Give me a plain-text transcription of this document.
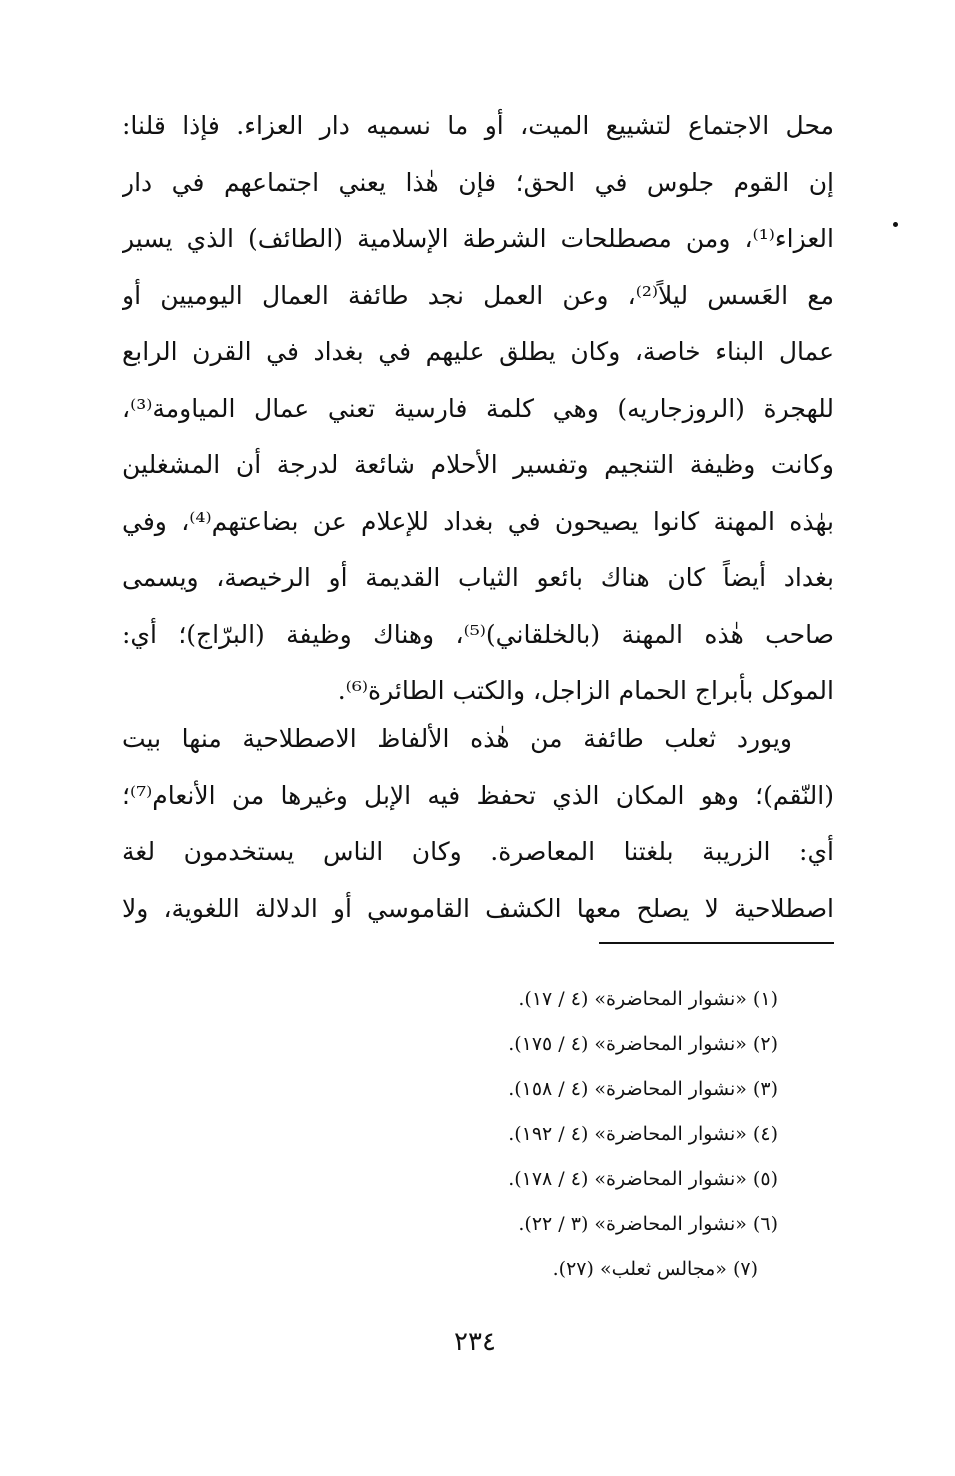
محل الاجتماع لتشييع الميت، أو ما نسميه دار العزاء. فإذا قلنا:
إن القوم جلوس في الحق؛ فإن هٰذا يعني اجتماعهم في دار
العزاء⁽¹⁾، ومن مصطلحات الشرطة الإسلامية (الطائف) الذي يسير
مع العَسس ليلاً⁽²⁾، وعن العمل نجد طائفة العمال اليوميين أو
عمال البناء خاصة، وكان يطلق عليهم في بغداد في القرن الرابع
للهجرة (الروزجاريه) وهي كلمة فارسية تعني عمال المياومة⁽³⁾،
وكانت وظيفة التنجيم وتفسير الأحلام شائعة لدرجة أن المشغلين
بهٰذه المهنة كانوا يصيحون في بغداد للإعلام عن بضاعتهم⁽⁴⁾، وفي
بغداد أيضاً كان هناك بائعو الثياب القديمة أو الرخيصة، ويسمى
صاحب هٰذه المهنة (بالخلقاني)⁽⁵⁾، وهناك وظيفة (البرّاج)؛ أي:
الموكل بأبراج الحمام الزاجل، والكتب الطائرة⁽⁶⁾.
ويورد ثعلب طائفة من هٰذه الألفاظ الاصطلاحية منها بيت
(النّقم)؛ وهو المكان الذي تحفظ فيه الإبل وغيرها من الأنعام⁽⁷⁾؛
أي: الزريبة بلغتنا المعاصرة. وكان الناس يستخدمون لغة
اصطلاحية لا يصلح معها الكشف القاموسي أو الدلالة اللغوية، ولا
(١) «نشوار المحاضرة» (٤ / ١٧).
(٢) «نشوار المحاضرة» (٤ / ١٧٥).
(٣) «نشوار المحاضرة» (٤ / ١٥٨).
(٤) «نشوار المحاضرة» (٤ / ١٩٢).
(٥) «نشوار المحاضرة» (٤ / ١٧٨).
(٦) «نشوار المحاضرة» (٣ / ٢٢).
(٧) «مجالس ثعلب» (٢٧).
٢٣٤
